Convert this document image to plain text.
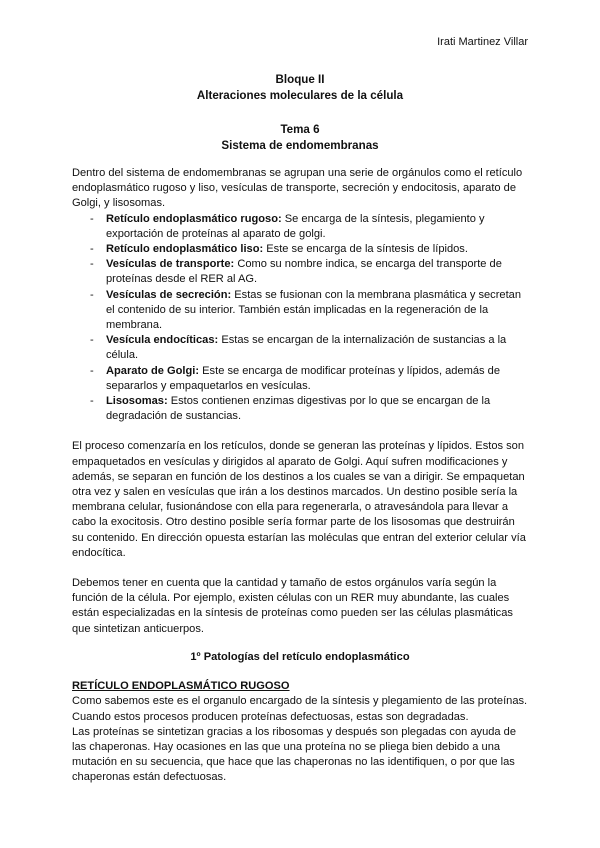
Irati Martinez Villar
Bloque II
Alteraciones moleculares de la célula
Tema 6
Sistema de endomembranas

Dentro del sistema de endomembranas se agrupan una serie de orgánulos como el retículo endoplasmático rugoso y liso, vesículas de transporte, secreción y endocitosis, aparato de Golgi, y lisosomas.

- Retículo endoplasmático rugoso: Se encarga de la síntesis, plegamiento y exportación de proteínas al aparato de golgi.
- Retículo endoplasmático liso: Este se encarga de la síntesis de lípidos.
- Vesículas de transporte: Como su nombre indica, se encarga del transporte de proteínas desde el RER al AG.
- Vesículas de secreción: Estas se fusionan con la membrana plasmática y secretan el contenido de su interior. También están implicadas en la regeneración de la membrana.
- Vesícula endocíticas: Estas se encargan de la internalización de sustancias a la célula.
- Aparato de Golgi: Este se encarga de modificar proteínas y lípidos, además de separarlos y empaquetarlos en vesículas.
- Lisosomas: Estos contienen enzimas digestivas por lo que se encargan de la degradación de sustancias.

El proceso comenzaría en los retículos, donde se generan las proteínas y lípidos. Estos son empaquetados en vesículas y dirigidos al aparato de Golgi. Aquí sufren modificaciones y además, se separan en función de los destinos a los cuales se van a dirigir. Se empaquetan otra vez y salen en vesículas que irán a los destinos marcados. Un destino posible sería la membrana celular, fusionándose con ella para regenerarla, o atravesándola para llevar a cabo la exocitosis. Otro destino posible sería formar parte de los lisosomas que destruirán su contenido. En dirección opuesta estarían las moléculas que entran del exterior celular vía endocítica.

Debemos tener en cuenta que la cantidad y tamaño de estos orgánulos varía según la función de la célula. Por ejemplo, existen células con un RER muy abundante, las cuales están especializadas en la síntesis de proteínas como pueden ser las células plasmáticas que sintetizan anticuerpos.

1º Patologías del retículo endoplasmático
RETÍCULO ENDOPLASMÁTICO RUGOSO

Como sabemos este es el organulo encargado de la síntesis y plegamiento de las proteínas.

Cuando estos procesos producen proteínas defectuosas, estas son degradadas.

Las proteínas se sintetizan gracias a los ribosomas y después son plegadas con ayuda de las chaperonas. Hay ocasiones en las que una proteína no se pliega bien debido a una mutación en su secuencia, que hace que las chaperonas no las identifiquen, o por que las chaperonas están defectuosas.
